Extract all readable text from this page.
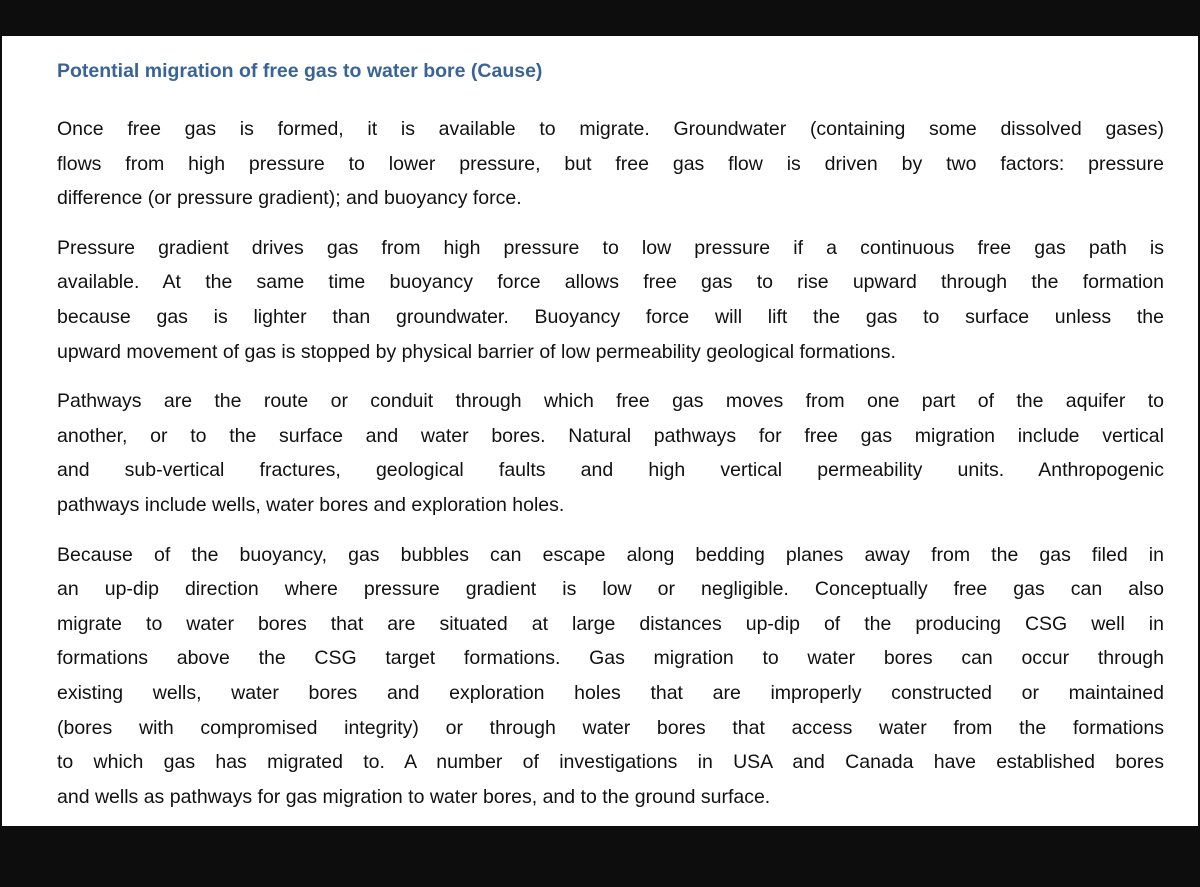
Potential migration of free gas to water bore (Cause)
Once free gas is formed, it is available to migrate. Groundwater (containing some dissolved gases)
flows from high pressure to lower pressure, but free gas flow is driven by two factors: pressure
difference (or pressure gradient); and buoyancy force.
Pressure gradient drives gas from high pressure to low pressure if a continuous free gas path is
available. At the same time buoyancy force allows free gas to rise upward through the formation
because gas is lighter than groundwater. Buoyancy force will lift the gas to surface unless the
upward movement of gas is stopped by physical barrier of low permeability geological formations.
Pathways are the route or conduit through which free gas moves from one part of the aquifer to
another, or to the surface and water bores. Natural pathways for free gas migration include vertical
and sub-vertical fractures, geological faults and high vertical permeability units. Anthropogenic
pathways include wells, water bores and exploration holes.
Because of the buoyancy, gas bubbles can escape along bedding planes away from the gas filed in
an up-dip direction where pressure gradient is low or negligible. Conceptually free gas can also
migrate to water bores that are situated at large distances up-dip of the producing CSG well in
formations above the CSG target formations. Gas migration to water bores can occur through
existing wells, water bores and exploration holes that are improperly constructed or maintained
(bores with compromised integrity) or through water bores that access water from the formations
to which gas has migrated to. A number of investigations in USA and Canada have established bores
and wells as pathways for gas migration to water bores, and to the ground surface.
